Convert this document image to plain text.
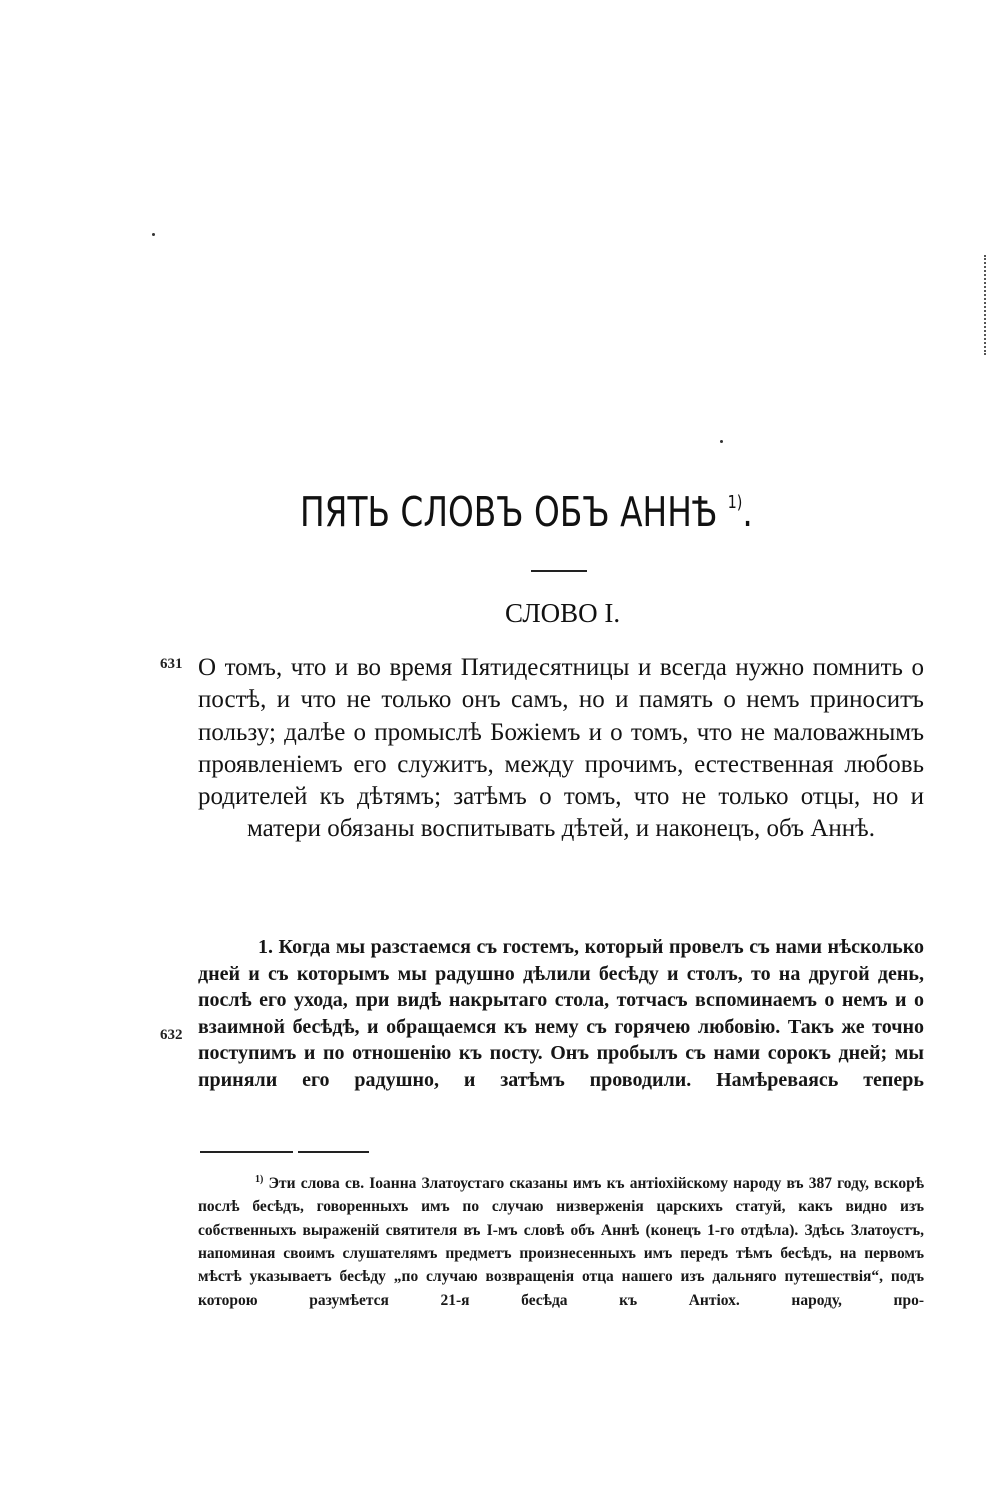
ПЯТЬ СЛОВЪ ОБЪ АННѢ $^{1)}$.
СЛОВО I.
631 О томъ, что и во время Пятидесятницы и всегда нужно помнить о постѣ, и что не только онъ самъ, но и память о немъ приноситъ пользу; далѣе о промыслѣ Божіемъ и о томъ, что не маловажнымъ проявленіемъ его служитъ, между прочимъ, естественная любовь родителей къ дѣтямъ; затѣмъ о томъ, что не только отцы, но и матери обязаны воспитывать дѣтей, и наконецъ, объ Аннѣ.
632
1. Когда мы разстаемся съ гостемъ, который провелъ съ нами нѣсколько дней и съ которымъ мы радушно дѣлили бесѣду и столъ, то на другой день, послѣ его ухода, при видѣ накрытаго стола, тотчасъ вспоминаемъ о немъ и о взаимной бесѣдѣ, и обращаемся къ нему съ горячею любовію. Такъ же точно поступимъ и по отношенію къ посту. Онъ пробылъ съ нами сорокъ дней; мы приняли его радушно, и затѣмъ проводили. Намѣреваясь теперь
$^{1)}$ Эти слова св. Іоанна Златоустаго сказаны имъ къ антіохійскому народу въ 387 году, вскорѣ послѣ бесѣдъ, говоренныхъ имъ по случаю низверженія царскихъ статуй, какъ видно изъ собственныхъ выраженій святителя въ І-мъ словѣ объ Аннѣ (конецъ 1-го отдѣла). Здѣсь Златоустъ, напоминая своимъ слушателямъ предметъ произнесенныхъ имъ передъ тѣмъ бесѣдъ, на первомъ мѣстѣ указываетъ бесѣду „по случаю возвращенія отца нашего изъ дальняго путешествія“, подъ которою разумѣется 21-я бесѣда къ Антіох. народу, про-
